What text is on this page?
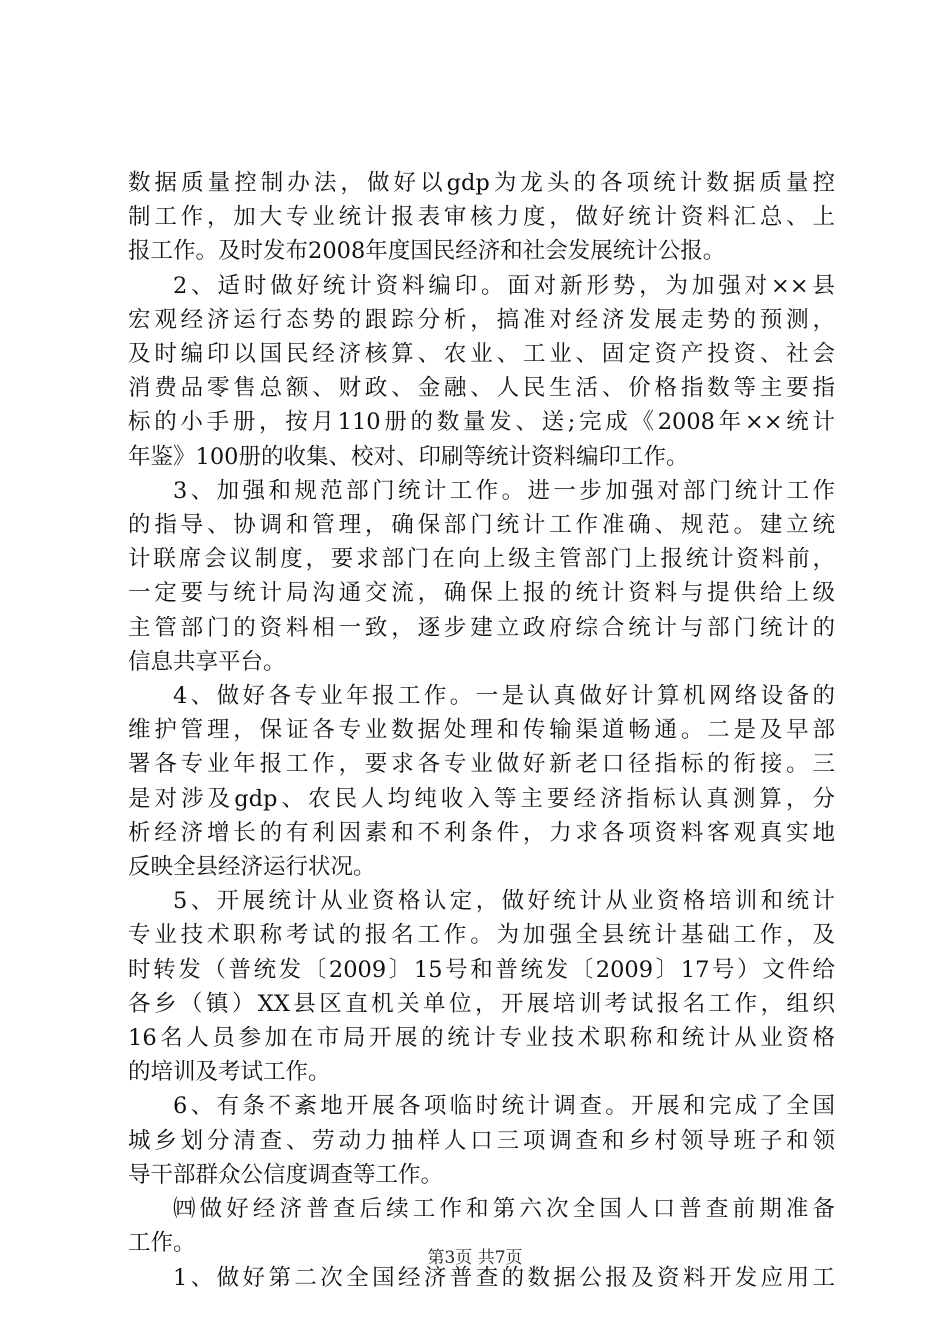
数据质量控制办法，做好以gdp为龙头的各项统计数据质量控
制工作，加大专业统计报表审核力度，做好统计资料汇总、上
报工作。及时发布2008年度国民经济和社会发展统计公报。

2、适时做好统计资料编印。面对新形势，为加强对××县
宏观经济运行态势的跟踪分析，搞准对经济发展走势的预测，
及时编印以国民经济核算、农业、工业、固定资产投资、社会
消费品零售总额、财政、金融、人民生活、价格指数等主要指
标的小手册，按月110册的数量发、送;完成《2008年××统计
年鉴》100册的收集、校对、印刷等统计资料编印工作。

3、加强和规范部门统计工作。进一步加强对部门统计工作
的指导、协调和管理，确保部门统计工作准确、规范。建立统
计联席会议制度，要求部门在向上级主管部门上报统计资料前，
一定要与统计局沟通交流，确保上报的统计资料与提供给上级
主管部门的资料相一致，逐步建立政府综合统计与部门统计的
信息共享平台。

4、做好各专业年报工作。一是认真做好计算机网络设备的
维护管理，保证各专业数据处理和传输渠道畅通。二是及早部
署各专业年报工作，要求各专业做好新老口径指标的衔接。三
是对涉及gdp、农民人均纯收入等主要经济指标认真测算，分
析经济增长的有利因素和不利条件，力求各项资料客观真实地
反映全县经济运行状况。

5、开展统计从业资格认定，做好统计从业资格培训和统计
专业技术职称考试的报名工作。为加强全县统计基础工作，及
时转发（普统发〔2009〕15号和普统发〔2009〕17号）文件给
各乡（镇）XX县区直机关单位，开展培训考试报名工作，组织
16名人员参加在市局开展的统计专业技术职称和统计从业资格
的培训及考试工作。

6、有条不紊地开展各项临时统计调查。开展和完成了全国
城乡划分清查、劳动力抽样人口三项调查和乡村领导班子和领
导干部群众公信度调查等工作。

㈣做好经济普查后续工作和第六次全国人口普查前期准备
工作。

1、做好第二次全国经济普查的数据公报及资料开发应用工

第3页 共7页
